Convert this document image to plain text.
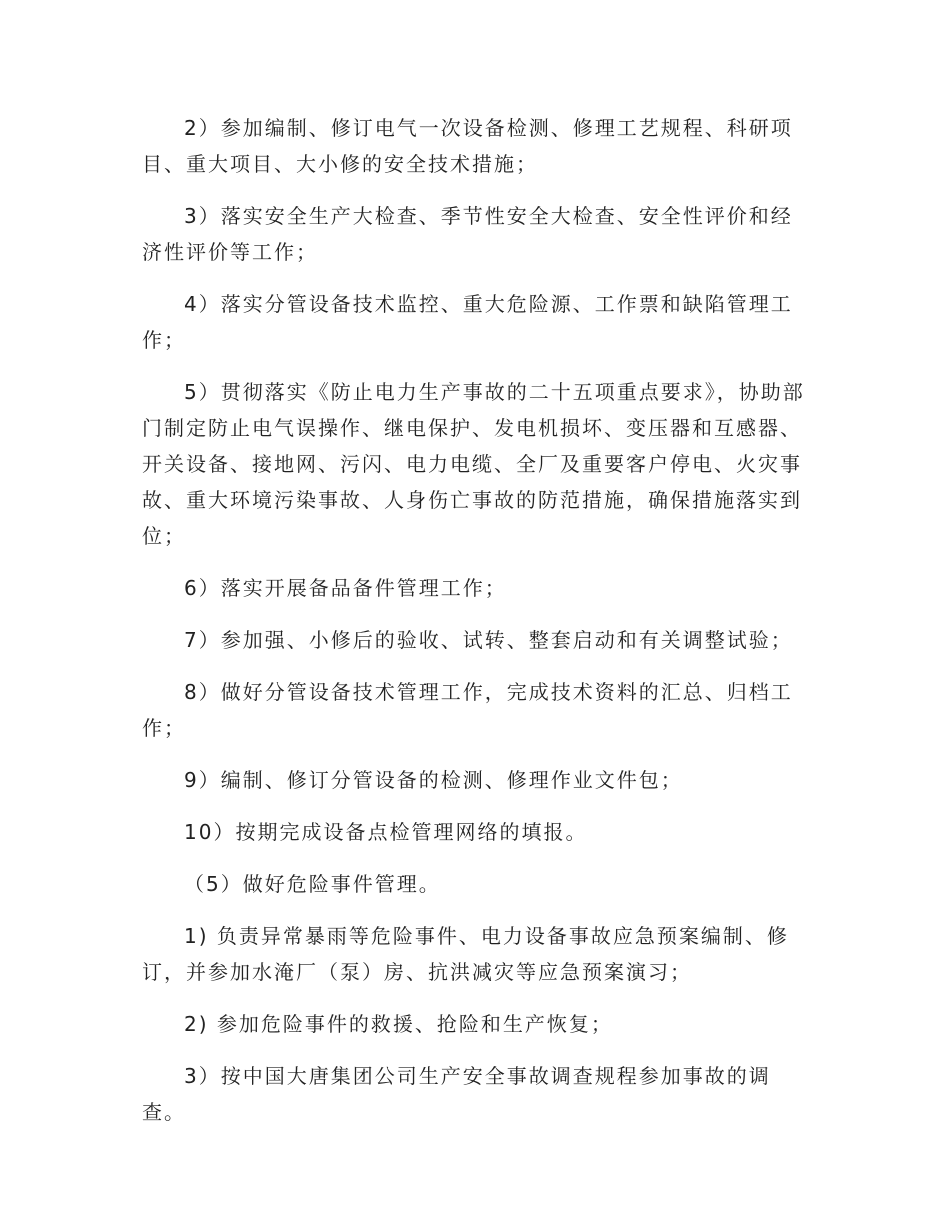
2）参加编制、修订电气一次设备检测、修理工艺规程、科研项目、重大项目、大小修的安全技术措施；

3）落实安全生产大检查、季节性安全大检查、安全性评价和经济性评价等工作；

4）落实分管设备技术监控、重大危险源、工作票和缺陷管理工作；

5）贯彻落实《防止电力生产事故的二十五项重点要求》，协助部门制定防止电气误操作、继电保护、发电机损坏、变压器和互感器、开关设备、接地网、污闪、电力电缆、全厂及重要客户停电、火灾事故、重大环境污染事故、人身伤亡事故的防范措施，确保措施落实到位；

6）落实开展备品备件管理工作；

7）参加强、小修后的验收、试转、整套启动和有关调整试验；

8）做好分管设备技术管理工作，完成技术资料的汇总、归档工作；

9）编制、修订分管设备的检测、修理作业文件包；

10）按期完成设备点检管理网络的填报。

（5）做好危险事件管理。

1) 负责异常暴雨等危险事件、电力设备事故应急预案编制、修订，并参加水淹厂（泵）房、抗洪减灾等应急预案演习；

2) 参加危险事件的救援、抢险和生产恢复；

3）按中国大唐集团公司生产安全事故调查规程参加事故的调查。
